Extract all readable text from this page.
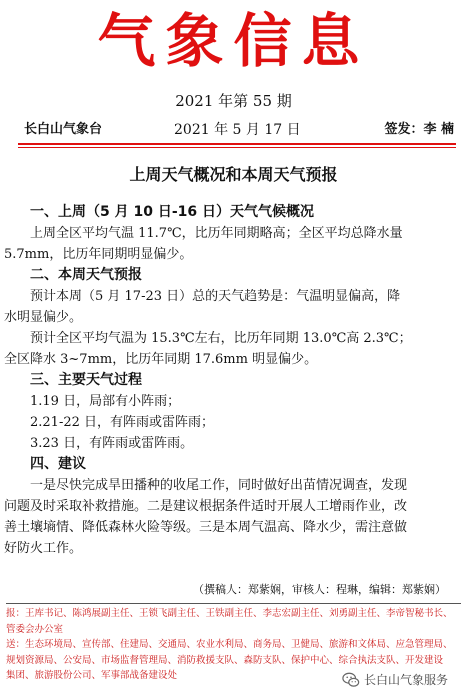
气象信息
2021 年第 55 期
长白山气象台	2021 年 5 月 17 日	签发：李 楠
上周天气概况和本周天气预报

一、上周（5 月 10 日-16 日）天气气候概况

上周全区平均气温 11.7℃，比历年同期略高；全区平均总降水量

5.7mm，比历年同期明显偏少。

二、本周天气预报

预计本周（5 月 17-23 日）总的天气趋势是：气温明显偏高，降

水明显偏少。

预计全区平均气温为 15.3℃左右，比历年同期 13.0℃高 2.3℃；

全区降水 3~7mm，比历年同期 17.6mm 明显偏少。

三、主要天气过程

1.19 日，局部有小阵雨；

2.21-22 日，有阵雨或雷阵雨；

3.23 日，有阵雨或雷阵雨。

四、建议

一是尽快完成旱田播种的收尾工作，同时做好出苗情况调查，发现

问题及时采取补救措施。二是建议根据条件适时开展人工增雨作业，改

善土壤墒情、降低森林火险等级。三是本周气温高、降水少，需注意做

好防火工作。

（撰稿人：郑紫娴，审核人：程琳，编辑：郑紫娴）

报：王库书记、陈鸿展副主任、王锁飞副主任、王铁副主任、李志宏副主任、刘勇副主任、李帝智秘书长、

管委会办公室

送：生态环境局、宣传部、住建局、交通局、农业水利局、商务局、卫健局、旅游和文体局、应急管理局、

规划资源局、公安局、市场监督管理局、消防救援支队、森防支队、保护中心、综合执法支队、开发建设

集团、旅游股份公司、军事部战备建设处	长白山气象服务
